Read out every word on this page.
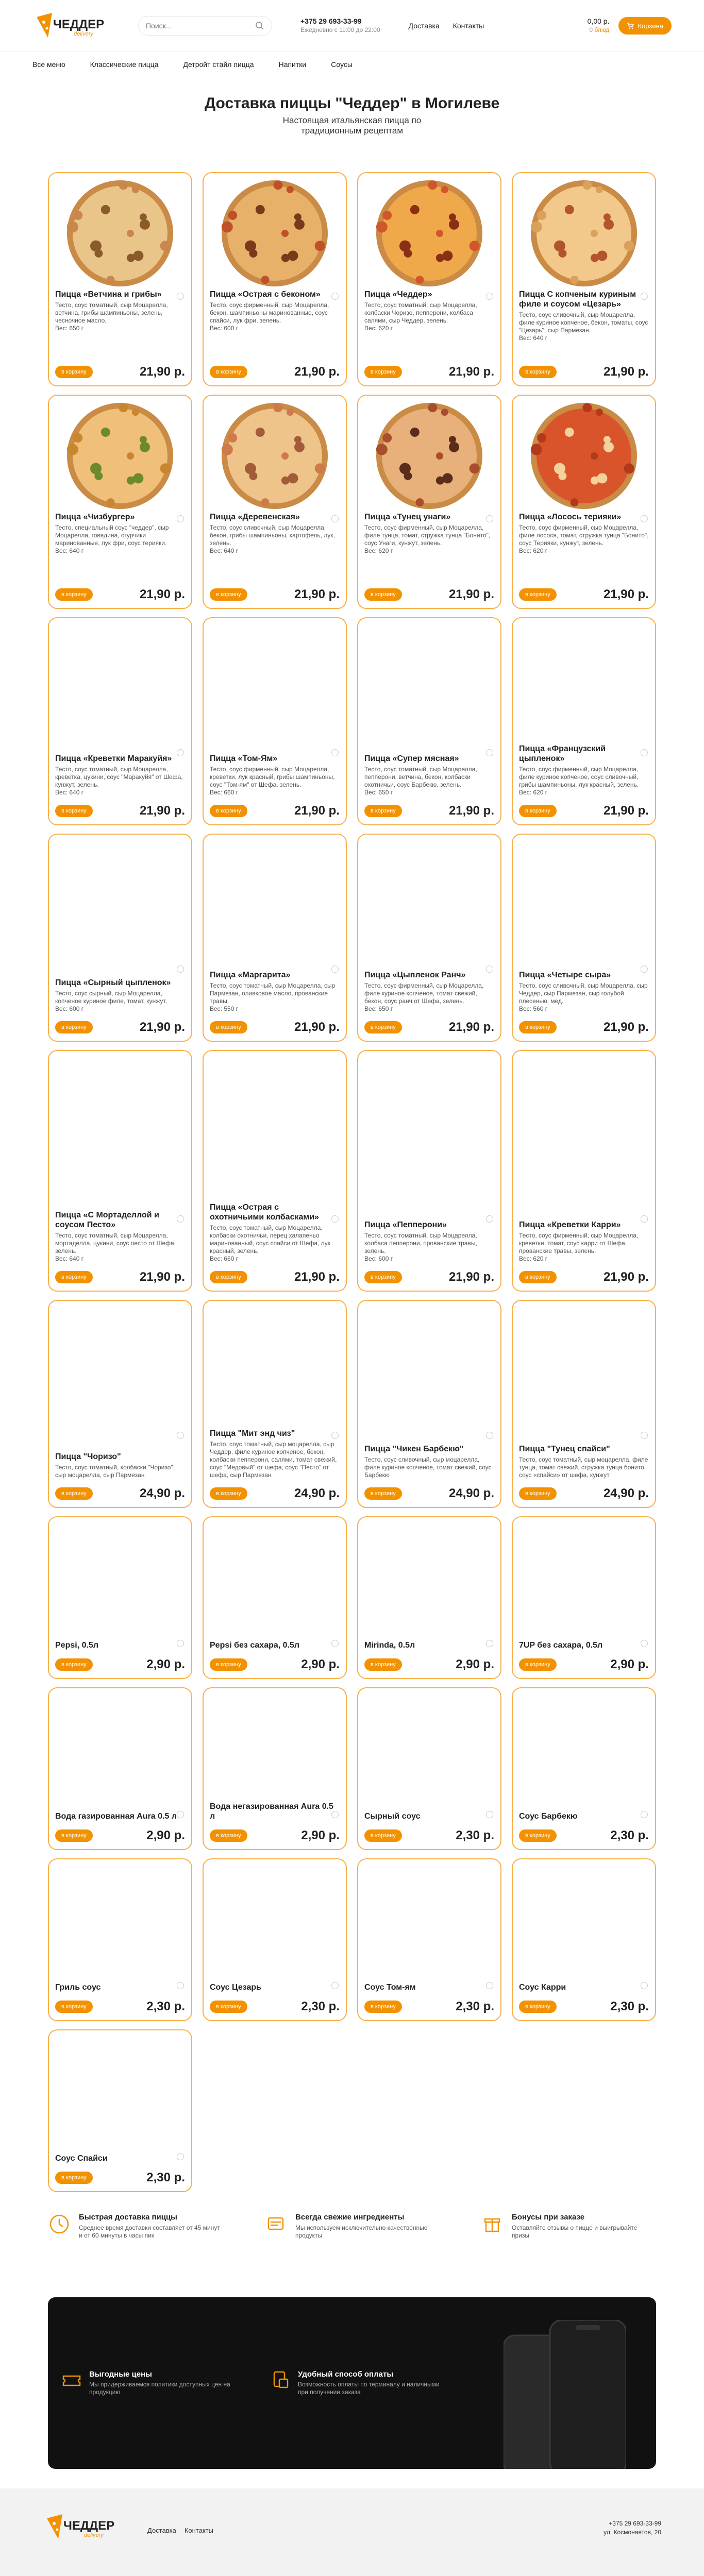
ЧЕДДЕР
delivery
Поиск...
+375 29 693-33-99
Ежедневно с 11:00 до 22:00	Доставка Контакты
0,00 р.
0 блюд
Корзина
Все меню	Классические пицца	Детройт стайл пицца	Напитки	Соусы
Доставка пиццы "Чеддер" в Могилеве

Настоящая итальянская пицца по традиционным рецептам

Пицца «Ветчина и грибы»
Тесто, соус томатный, сыр Моцарелла, ветчина, грибы шампиньоны, зелень, чесночное масло.
Вес: 650 г
в корзину	21,90 р.
Пицца «Острая с беконом»
Тесто, соус фирменный, сыр Моцарелла, бекон, шампиньоны маринованные, соус спайси, лук фри, зелень.
Вес: 600 г
в корзину	21,90 р.
Пицца «Чеддер»
Тесто, соус томатный, сыр Моцарелла, колбаски Чоризо, пепперони, колбаса салями, сыр Чеддер, зелень.
Вес: 620 г
в корзину	21,90 р.
Пицца С копченым куриным филе и соусом «Цезарь»
Тесто, соус сливочный, сыр Моцарелла, филе куриное копченое, бекон, томаты, соус "Цезарь", сыр Пармезан.
Вес: 640 г
в корзину	21,90 р.
Пицца «Чизбургер»
Тесто, специальный соус "чеддер", сыр Моцарелла, говядина, огурчики маринованные, лук фри, соус терияки.
Вес: 640 г
в корзину	21,90 р.
Пицца «Деревенская»
Тесто, соус сливочный, сыр Моцарелла, бекон, грибы шампиньоны, картофель, лук, зелень.
Вес: 640 г
в корзину	21,90 р.
Пицца «Тунец унаги»
Тесто, соус фирменный, сыр Моцарелла, филе тунца, томат, стружка тунца "Бонито", соус Унаги, кунжут, зелень.
Вес: 620 г
в корзину	21,90 р.
Пицца «Лосось терияки»
Тесто, соус фирменный, сыр Моцарелла, филе лосося, томат, стружка тунца "Бонито", соус Терияки, кунжут, зелень.
Вес: 620 г
в корзину	21,90 р.
Пицца «Креветки Маракуйя»
Тесто, соус томатный, сыр Моцарелла, креветка, цукини, соус "Маракуйя" от Шефа, кунжут, зелень.
Вес: 640 г
в корзину	21,90 р.
Пицца «Том-Ям»
Тесто, соус фирменный, сыр Моцарелла, креветки, лук красный, грибы шампиньоны, соус "Том-ям" от Шефа, зелень.
Вес: 660 г
в корзину	21,90 р.
Пицца «Супер мясная»
Тесто, соус томатный, сыр Моцарелла, пепперони, ветчина, бекон, колбаски охотничьи, соус Барбекю, зелень.
Вес: 650 г
в корзину	21,90 р.
Пицца «Французский цыпленок»
Тесто, соус фирменный, сыр Моцарелла, филе куриное копченое, соус сливочный, грибы шампиньоны, лук красный, зелень.
Вес: 620 г
в корзину	21,90 р.
Пицца «Сырный цыпленок»
Тесто, соус сырный, сыр Моцарелла, копченое куриное филе, томат, кунжут.
Вес: 600 г
в корзину	21,90 р.
Пицца «Маргарита»
Тесто, соус томатный, сыр Моцарелла, сыр Пармезан, оливковое масло, прованские травы.
Вес: 550 г
в корзину	21,90 р.
Пицца «Цыпленок Ранч»
Тесто, соус фирменный, сыр Моцарелла, филе куриное копченое, томат свежий, бекон, соус ранч от Шефа, зелень.
Вес: 650 г
в корзину	21,90 р.
Пицца «Четыре сыра»
Тесто, соус сливочный, сыр Моцарелла, сыр Чеддер, сыр Пармезан, сыр голубой плесенью, мед.
Вес: 560 г
в корзину	21,90 р.
Пицца «С Мортаделлой и соусом Песто»
Тесто, соус томатный, сыр Моцарелла, мортаделла, цукини, соус песто от Шефа, зелень.
Вес: 640 г
в корзину	21,90 р.
Пицца «Острая с охотничьими колбасками»
Тесто, соус томатный, сыр Моцарелла, колбаски охотничьи, перец халапеньо маринованный, соус спайси от Шефа, лук красный, зелень.
Вес: 660 г
в корзину	21,90 р.
Пицца «Пепперони»
Тесто, соус томатный, сыр Моцарелла, колбаса пепперони, прованские травы, зелень.
Вес: 600 г
в корзину	21,90 р.
Пицца «Креветки Карри»
Тесто, соус фирменный, сыр Моцарелла, креветки, томат, соус карри от Шефа, прованские травы, зелень.
Вес: 620 г
в корзину	21,90 р.
Пицца "Чоризо"
Тесто, соус томатный, колбаски "Чоризо", сыр моцарелла, сыр Пармезан
в корзину	24,90 р.
Пицца "Мит энд чиз"
Тесто, соус томатный, сыр моцарелла, сыр Чеддер, филе куриное копченое, бекон, колбаски пепперони, салями, томат свежий, соус "Медовый" от шефа, соус "Песто" от шефа, сыр Пармезан
в корзину	24,90 р.
Пицца "Чикен Барбекю"
Тесто, соус сливочный, сыр моцарелла, филе куриное копченое, томат свежий, соус Барбекю
в корзину	24,90 р.
Пицца "Тунец спайси"
Тесто, соус томатный, сыр моцарелла, филе тунца, томат свежий, стружка тунца бонито, соус «спайси» от шефа, кунжут
в корзину	24,90 р.
Pepsi, 0.5л
в корзину	2,90 р.
Pepsi без сахара, 0.5л
в корзину	2,90 р.
Mirinda, 0.5л
в корзину	2,90 р.
7UP без сахара, 0.5л
в корзину	2,90 р.
Вода газированная Aura 0.5 л
в корзину	2,90 р.
Вода негазированная Aura 0.5 л
в корзину	2,90 р.
Сырный соус
в корзину	2,30 р.
Соус Барбекю
в корзину	2,30 р.
Гриль соус
в корзину	2,30 р.
Соус Цезарь
в корзину	2,30 р.
Соус Том-ям
в корзину	2,30 р.
Соус Карри
в корзину	2,30 р.
Соус Спайси
в корзину	2,30 р.
Быстрая доставка пиццы

Среднее время доставки составляет от 45 минут и от 60 минуты в часы пик

Всегда свежие ингредиенты

Мы используем исключительно качественные продукты

Бонусы при заказе

Оставляйте отзывы о пицце и выигрывайте призы

Выгодные цены

Мы придерживаемся политики доступных цен на продукцию

Удобный способ оплаты

Возможность оплаты по терминалу и наличными при получении заказа

ЧЕДДЕР
delivery
Доставка Контакты
+375 29 693-33-99
ул. Космонавтов, 20
